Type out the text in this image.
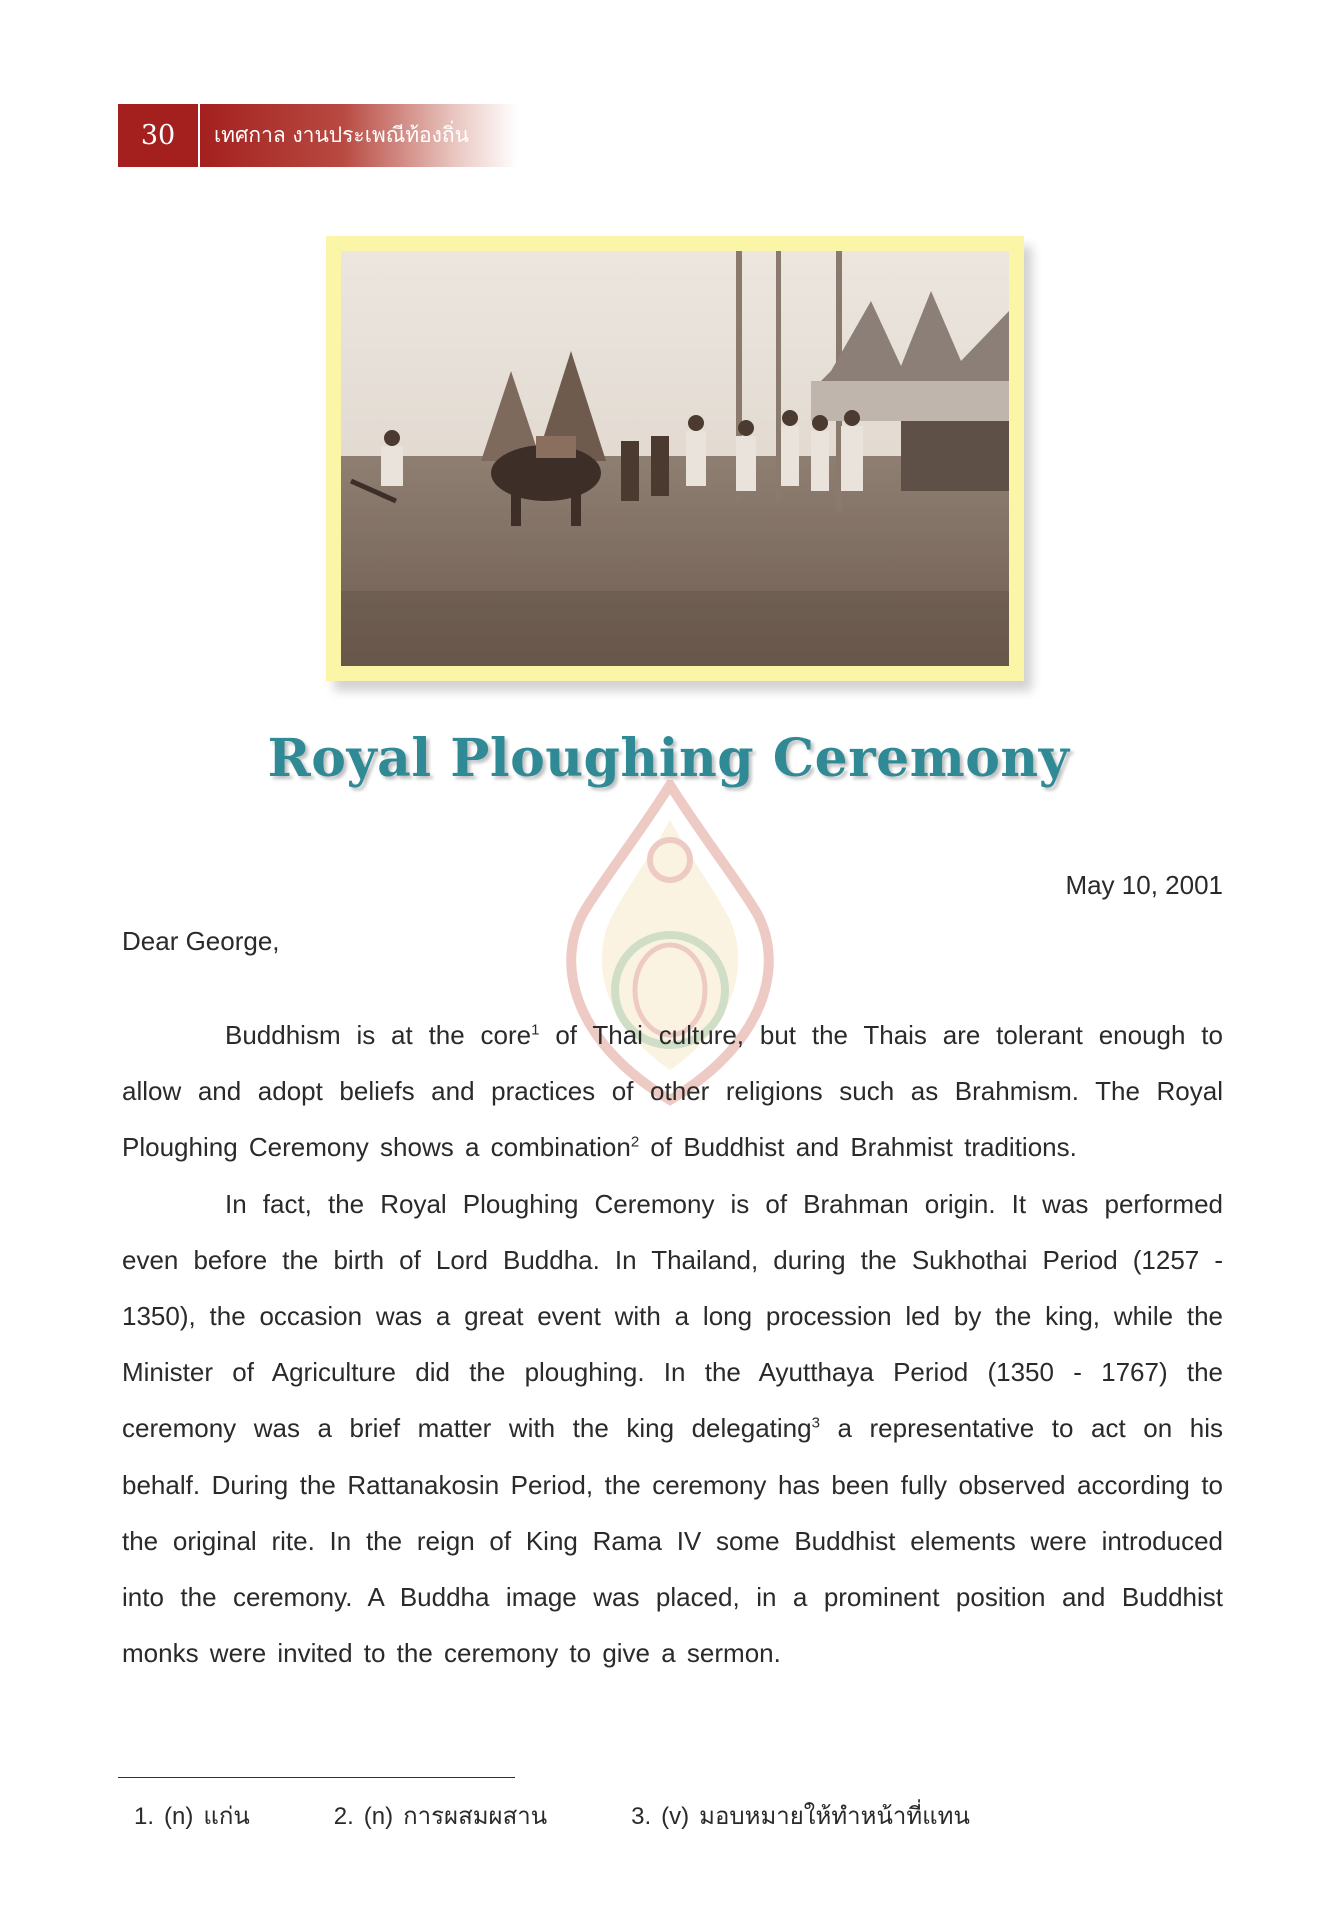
30	เทศกาล งานประเพณีท้องถิ่น
Royal Ploughing Ceremony
May 10, 2001
Dear George,

Buddhism is at the core$^1$ of Thai culture, but the Thais are tolerant enough to allow and adopt beliefs and practices of other religions such as Brahmism. The Royal Ploughing Ceremony shows a combination$^2$ of Buddhist and Brahmist traditions.

In fact, the Royal Ploughing Ceremony is of Brahman origin. It was performed even before the birth of Lord Buddha. In Thailand, during the Sukhothai Period (1257 - 1350), the occasion was a great event with a long procession led by the king, while the Minister of Agriculture did the ploughing. In the Ayutthaya Period (1350 - 1767) the ceremony was a brief matter with the king delegating$^3$ a representative to act on his behalf. During the Rattanakosin Period, the ceremony has been fully observed according to the original rite. In the reign of King Rama IV some Buddhist elements were introduced into the ceremony. A Buddha image was placed, in a prominent position and Buddhist monks were invited to the ceremony to give a sermon.

1. (n) แก่น	2. (n) การผสมผสาน	3. (v) มอบหมายให้ทำหน้าที่แทน
